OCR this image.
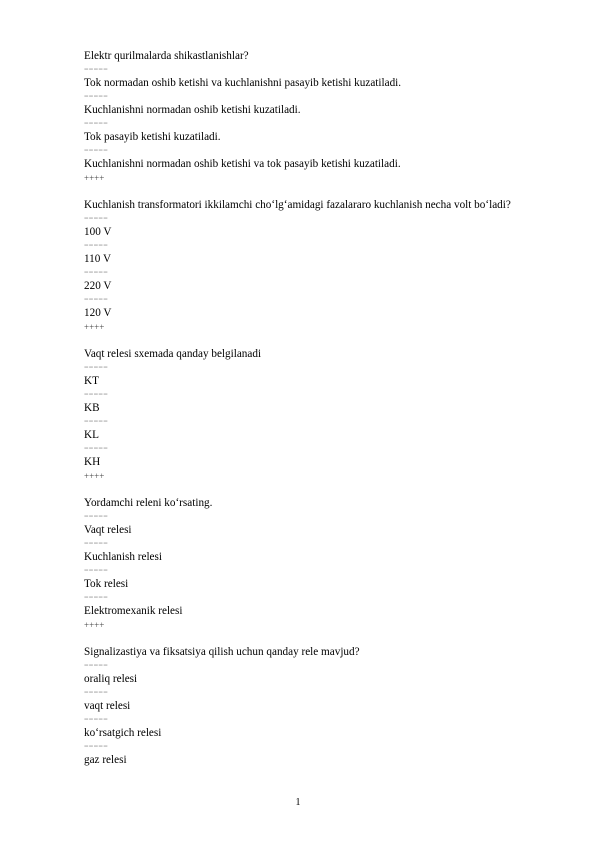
Elektr qurilmalarda shikastlanishlar?

=====

Tok normadan oshib ketishi va kuchlanishni pasayib ketishi kuzatiladi.

=====

Kuchlanishni normadan oshib ketishi kuzatiladi.

=====

Tok pasayib ketishi kuzatiladi.

=====

Kuchlanishni normadan oshib ketishi va tok pasayib ketishi kuzatiladi.

++++

Kuchlanish transformatori ikkilamchi cho‘lg‘amidagi fazalararo kuchlanish necha volt bo‘ladi?

=====

100 V

=====

110 V

=====

220 V

=====

120 V

++++

Vaqt relesi sxemada qanday belgilanadi

=====

KT

=====

KB

=====

KL

=====

KH

++++

Yordamchi releni ko‘rsating.

=====

Vaqt relesi

=====

Kuchlanish relesi

=====

Tok relesi

=====

Elektromexanik relesi

++++

Signalizastiya va fiksatsiya qilish uchun qanday rele mavjud?

=====

oraliq relesi

=====

vaqt relesi

=====

ko‘rsatgich relesi

=====

gaz relesi

1
